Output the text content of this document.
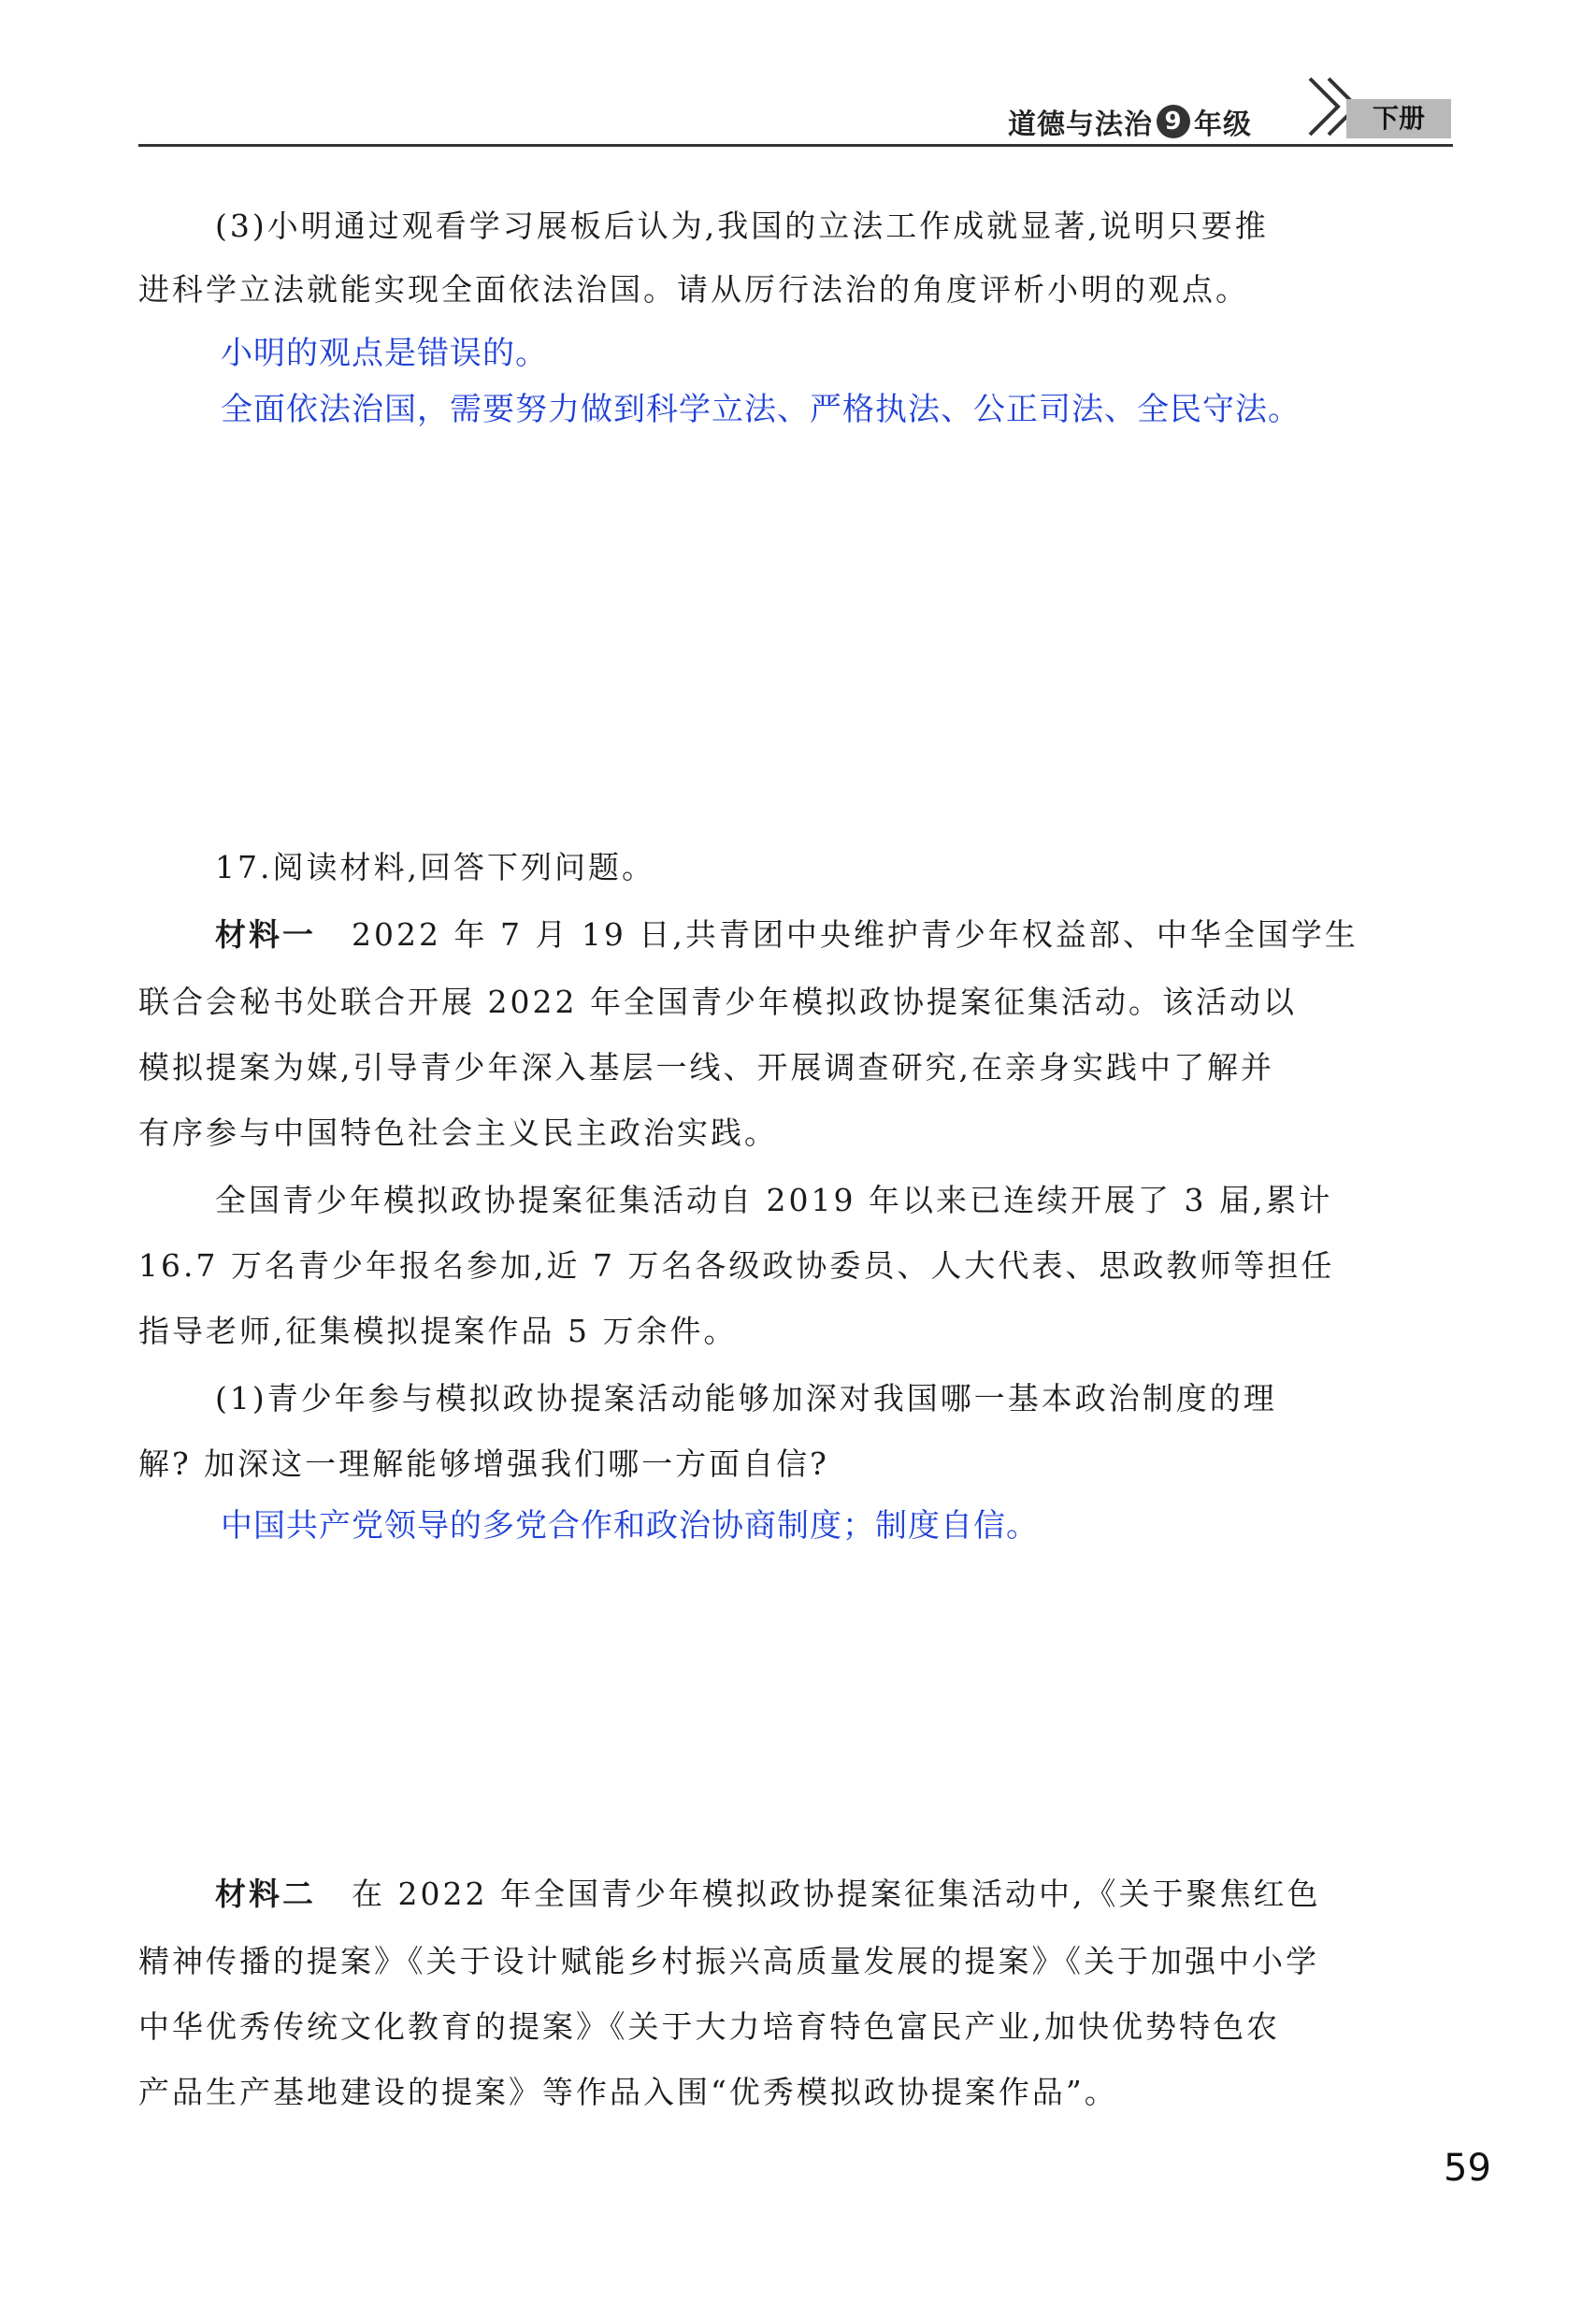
道德与法治 9 年级	下册
(3)小明通过观看学习展板后认为,我国的立法工作成就显著,说明只要推
进科学立法就能实现全面依法治国。请从厉行法治的角度评析小明的观点。
小明的观点是错误的。
全面依法治国，需要努力做到科学立法、严格执法、公正司法、全民守法。
17.阅读材料,回答下列问题。
材料一 2022 年 7 月 19 日,共青团中央维护青少年权益部、中华全国学生
联合会秘书处联合开展 2022 年全国青少年模拟政协提案征集活动。该活动以
模拟提案为媒,引导青少年深入基层一线、开展调查研究,在亲身实践中了解并
有序参与中国特色社会主义民主政治实践。
全国青少年模拟政协提案征集活动自 2019 年以来已连续开展了 3 届,累计
16.7 万名青少年报名参加,近 7 万名各级政协委员、人大代表、思政教师等担任
指导老师,征集模拟提案作品 5 万余件。
(1)青少年参与模拟政协提案活动能够加深对我国哪一基本政治制度的理
解? 加深这一理解能够增强我们哪一方面自信?
中国共产党领导的多党合作和政治协商制度；制度自信。
材料二 在 2022 年全国青少年模拟政协提案征集活动中,《关于聚焦红色
精神传播的提案》《关于设计赋能乡村振兴高质量发展的提案》《关于加强中小学
中华优秀传统文化教育的提案》《关于大力培育特色富民产业,加快优势特色农
产品生产基地建设的提案》等作品入围“优秀模拟政协提案作品”。
59
